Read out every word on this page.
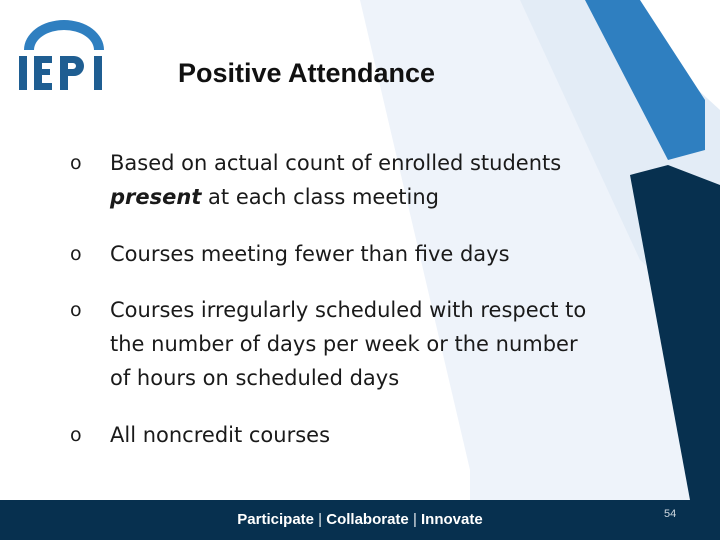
Positive Attendance
o	Based on actual count of enrolled students present at each class meeting
o	Courses meeting fewer than five days
o	Courses irregularly scheduled with respect to the number of days per week or the number of hours on scheduled days
o	All noncredit courses
Participate | Collaborate | Innovate	54
